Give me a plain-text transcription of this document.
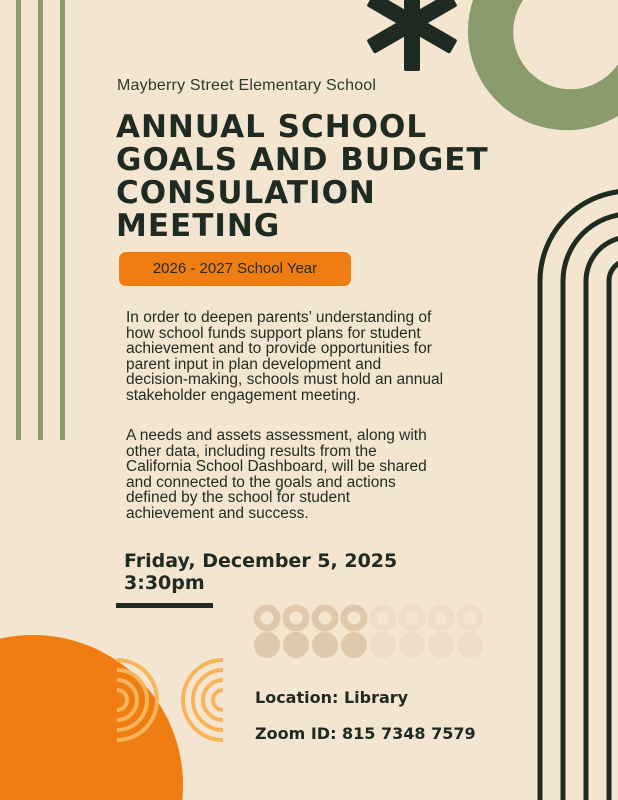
Mayberry Street Elementary School
ANNUAL SCHOOL
GOALS AND BUDGET
CONSULATION
MEETING
2026 - 2027 School Year
In order to deepen parents’ understanding of
how school funds support plans for student
achievement and to provide opportunities for
parent input in plan development and
decision-making, schools must hold an annual
stakeholder engagement meeting.
A needs and assets assessment, along with
other data, including results from the
California School Dashboard, will be shared
and connected to the goals and actions
defined by the school for student
achievement and success.
Friday, December 5, 2025
3:30pm
Location: Library
Zoom ID: 815 7348 7579
